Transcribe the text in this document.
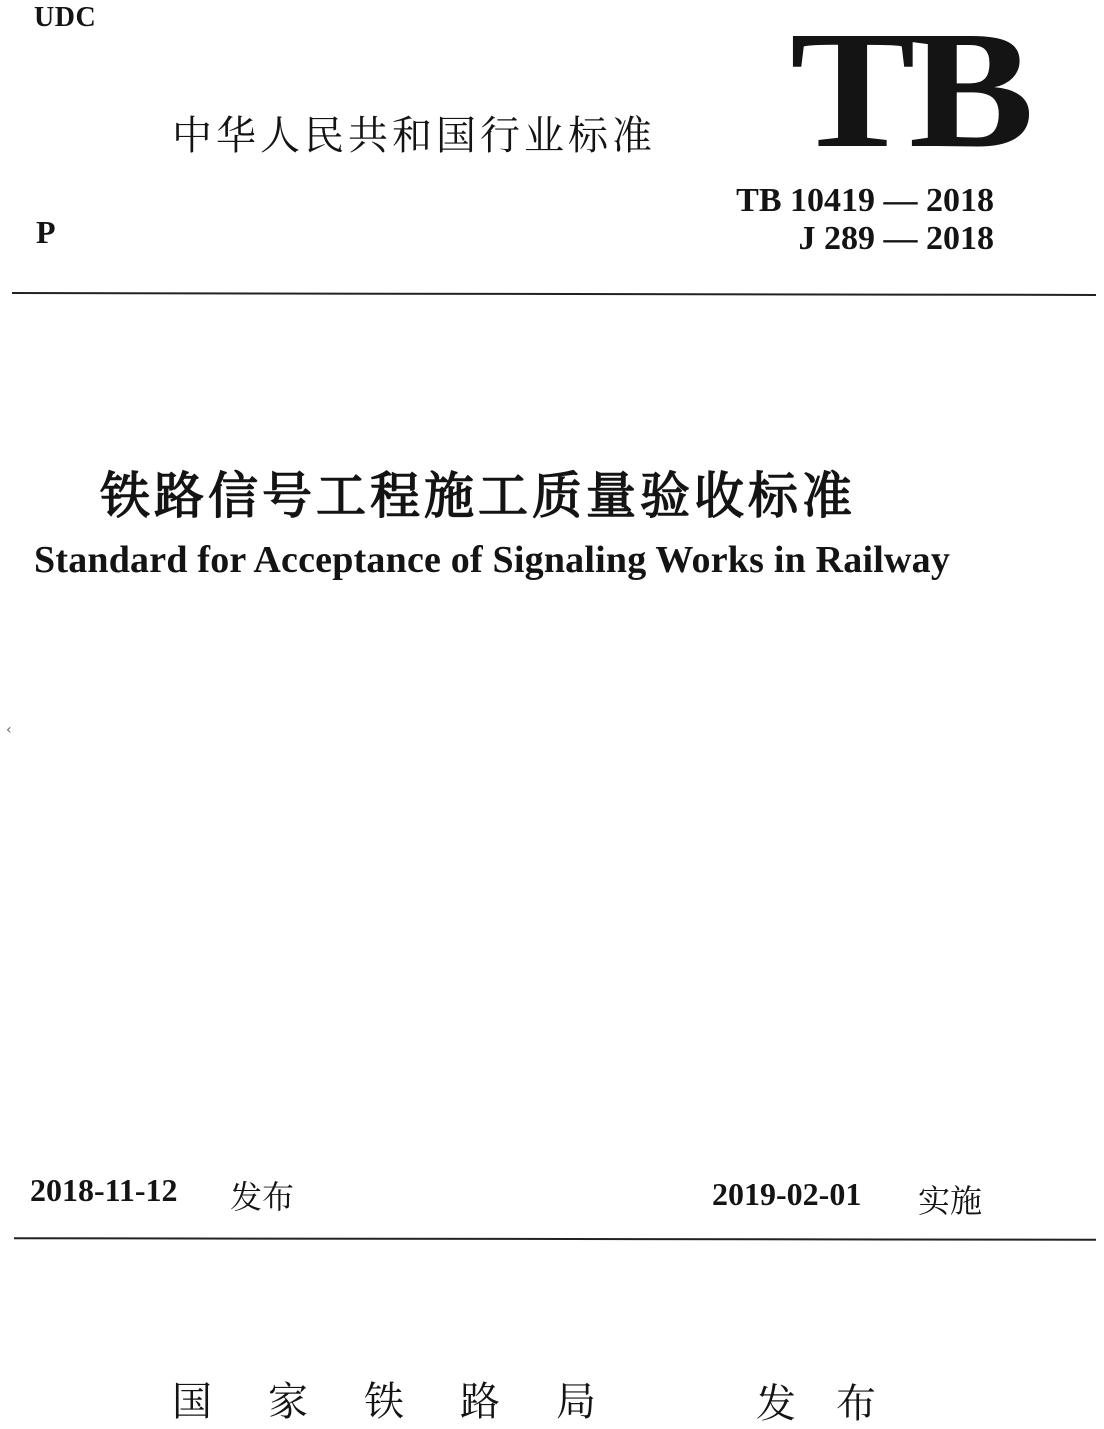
UDC	TB
中华人民共和国行业标准
P
TB 10419 — 2018
J 289 — 2018
铁路信号工程施工质量验收标准
Standard for Acceptance of Signaling Works in Railway
‹
2018-11-12 发布	2019-02-01 实施
国家铁路局	发布
